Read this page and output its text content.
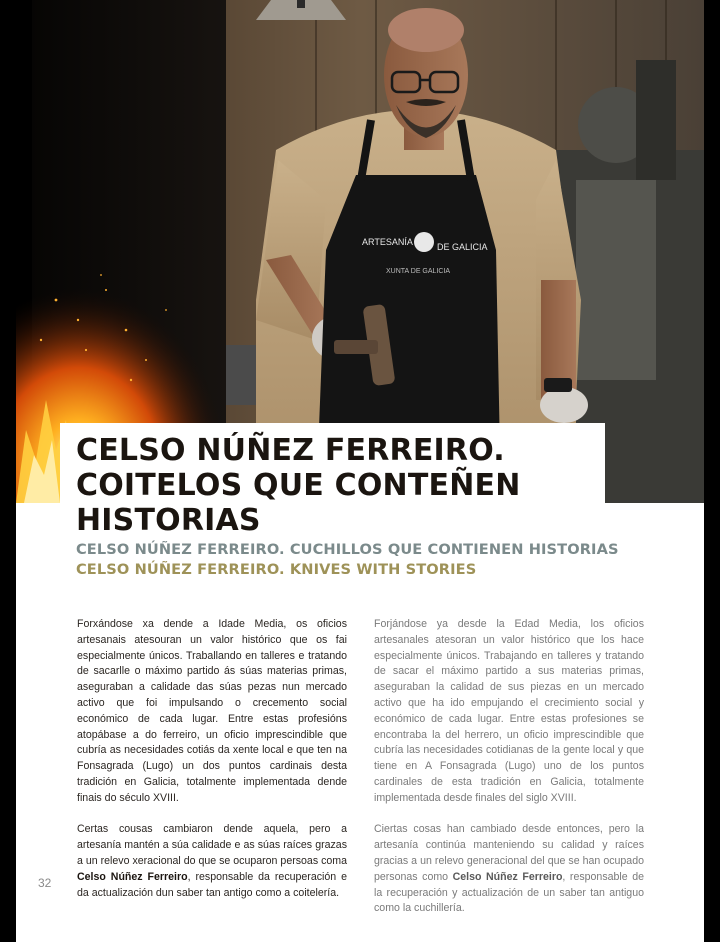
ARTESANÍA	DE GALICIA
XUNTA DE GALICIA
CELSO NÚÑEZ FERREIRO. COITELOS QUE CONTEÑEN HISTORIAS

CELSO NÚÑEZ FERREIRO. CUCHILLOS QUE CONTIENEN HISTORIAS

CELSO NÚÑEZ FERREIRO. KNIVES WITH STORIES

Forxándose xa dende a Idade Media, os oficios artesanais atesouran un valor histórico que os fai especialmente únicos. Traballando en talleres e tratando de sacarlle o máximo partido ás súas materias primas, aseguraban a calidade das súas pezas nun mercado activo que foi impulsando o crecemento social económico de cada lugar. Entre estas profesións atopábase a do ferreiro, un oficio imprescindible que cubría as necesidades cotiás da xente local e que ten na Fonsagrada (Lugo) un dos puntos cardinais desta tradición en Galicia, totalmente implementada dende finais do século XVIII.

Certas cousas cambiaron dende aquela, pero a artesanía mantén a súa calidade e as súas raíces grazas a un relevo xeracional do que se ocuparon persoas coma Celso Núñez Ferreiro, responsable da recuperación e da actualización dun saber tan antigo como a coitelería.

Forjándose ya desde la Edad Media, los oficios artesanales atesoran un valor histórico que los hace especialmente únicos. Trabajando en talleres y tratando de sacar el máximo partido a sus materias primas, aseguraban la calidad de sus piezas en un mercado activo que ha ido empujando el crecimiento social y económico de cada lugar. Entre estas profesiones se encontraba la del herrero, un oficio imprescindible que cubría las necesidades cotidianas de la gente local y que tiene en A Fonsagrada (Lugo) uno de los puntos cardinales de esta tradición en Galicia, totalmente implementada desde finales del siglo XVIII.

Ciertas cosas han cambiado desde entonces, pero la artesanía continúa manteniendo su calidad y raíces gracias a un relevo generacional del que se han ocupado personas como Celso Núñez Ferreiro, responsable de la recuperación y actualización de un saber tan antiguo como la cuchillería.

32
